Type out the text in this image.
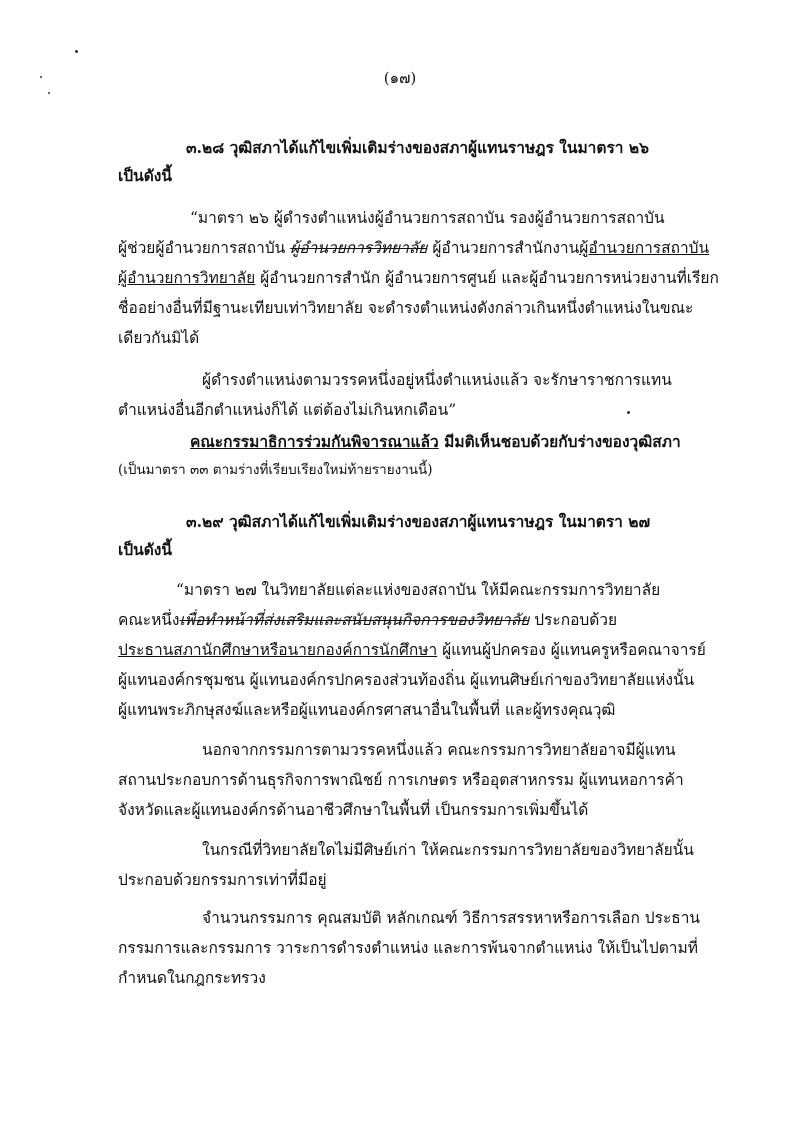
(๑๗)
๓.๒๘ วุฒิสภาได้แก้ไขเพิ่มเติมร่างของสภาผู้แทนราษฎร ในมาตรา ๒๖
เป็นดังนี้
“มาตรา ๒๖ ผู้ดำรงตำแหน่งผู้อำนวยการสถาบัน รองผู้อำนวยการสถาบัน
ผู้ช่วยผู้อำนวยการสถาบัน ผู้อำนวยการวิทยาลัย ผู้อำนวยการสำนักงานผู้อำนวยการสถาบัน
ผู้อำนวยการวิทยาลัย ผู้อำนวยการสำนัก ผู้อำนวยการศูนย์ และผู้อำนวยการหน่วยงานที่เรียก
ชื่ออย่างอื่นที่มีฐานะเทียบเท่าวิทยาลัย จะดำรงตำแหน่งดังกล่าวเกินหนึ่งตำแหน่งในขณะ
เดียวกันมิได้
ผู้ดำรงตำแหน่งตามวรรคหนึ่งอยู่หนึ่งตำแหน่งแล้ว จะรักษาราชการแทน
ตำแหน่งอื่นอีกตำแหน่งก็ได้ แต่ต้องไม่เกินหกเดือน”
คณะกรรมาธิการร่วมกันพิจารณาแล้ว มีมติเห็นชอบด้วยกับร่างของวุฒิสภา
(เป็นมาตรา ๓๓ ตามร่างที่เรียบเรียงใหม่ท้ายรายงานนี้)
๓.๒๙ วุฒิสภาได้แก้ไขเพิ่มเติมร่างของสภาผู้แทนราษฎร ในมาตรา ๒๗
เป็นดังนี้
“มาตรา ๒๗ ในวิทยาลัยแต่ละแห่งของสถาบัน ให้มีคณะกรรมการวิทยาลัย
คณะหนึ่งเพื่อทำหน้าที่ส่งเสริมและสนับสนุนกิจการของวิทยาลัย ประกอบด้วย
ประธานสภานักศึกษาหรือนายกองค์การนักศึกษา ผู้แทนผู้ปกครอง ผู้แทนครูหรือคณาจารย์
ผู้แทนองค์กรชุมชน ผู้แทนองค์กรปกครองส่วนท้องถิ่น ผู้แทนศิษย์เก่าของวิทยาลัยแห่งนั้น
ผู้แทนพระภิกษุสงฆ์และหรือผู้แทนองค์กรศาสนาอื่นในพื้นที่ และผู้ทรงคุณวุฒิ
นอกจากกรรมการตามวรรคหนึ่งแล้ว คณะกรรมการวิทยาลัยอาจมีผู้แทน
สถานประกอบการด้านธุรกิจการพาณิชย์ การเกษตร หรืออุตสาหกรรม ผู้แทนหอการค้า
จังหวัดและผู้แทนองค์กรด้านอาชีวศึกษาในพื้นที่ เป็นกรรมการเพิ่มขึ้นได้
ในกรณีที่วิทยาลัยใดไม่มีศิษย์เก่า ให้คณะกรรมการวิทยาลัยของวิทยาลัยนั้น
ประกอบด้วยกรรมการเท่าที่มีอยู่
จำนวนกรรมการ คุณสมบัติ หลักเกณฑ์ วิธีการสรรหาหรือการเลือก ประธาน
กรรมการและกรรมการ วาระการดำรงตำแหน่ง และการพ้นจากตำแหน่ง ให้เป็นไปตามที่
กำหนดในกฎกระทรวง
